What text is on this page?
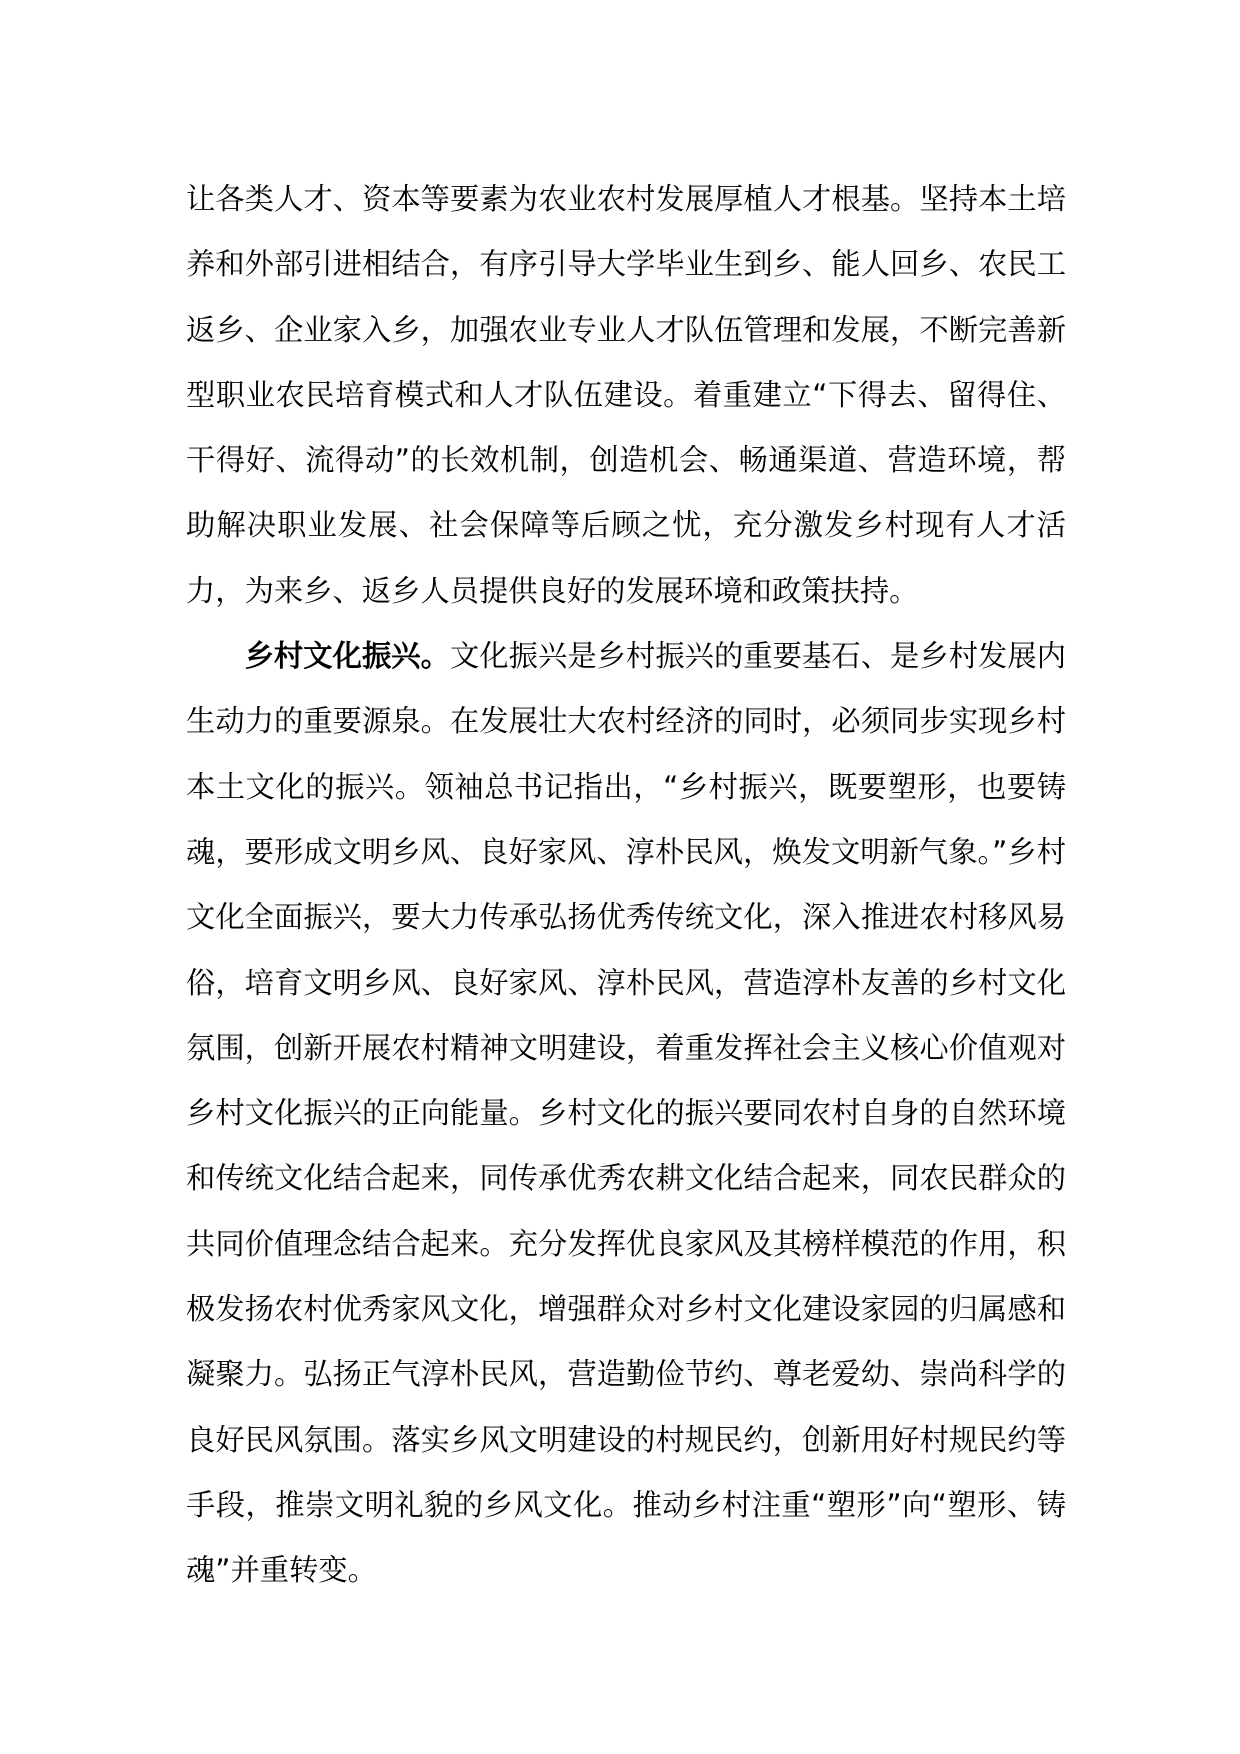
让各类人才、资本等要素为农业农村发展厚植人才根基。坚持本土培养和外部引进相结合，有序引导大学毕业生到乡、能人回乡、农民工返乡、企业家入乡，加强农业专业人才队伍管理和发展，不断完善新型职业农民培育模式和人才队伍建设。着重建立“下得去、留得住、干得好、流得动”的长效机制，创造机会、畅通渠道、营造环境，帮助解决职业发展、社会保障等后顾之忧，充分激发乡村现有人才活力，为来乡、返乡人员提供良好的发展环境和政策扶持。

乡村文化振兴。文化振兴是乡村振兴的重要基石、是乡村发展内生动力的重要源泉。在发展壮大农村经济的同时，必须同步实现乡村本土文化的振兴。领袖总书记指出，“乡村振兴，既要塑形，也要铸魂，要形成文明乡风、良好家风、淳朴民风，焕发文明新气象。”乡村文化全面振兴，要大力传承弘扬优秀传统文化，深入推进农村移风易俗，培育文明乡风、良好家风、淳朴民风，营造淳朴友善的乡村文化氛围，创新开展农村精神文明建设，着重发挥社会主义核心价值观对乡村文化振兴的正向能量。乡村文化的振兴要同农村自身的自然环境和传统文化结合起来，同传承优秀农耕文化结合起来，同农民群众的共同价值理念结合起来。充分发挥优良家风及其榜样模范的作用，积极发扬农村优秀家风文化，增强群众对乡村文化建设家园的归属感和凝聚力。弘扬正气淳朴民风，营造勤俭节约、尊老爱幼、崇尚科学的良好民风氛围。落实乡风文明建设的村规民约，创新用好村规民约等手段，推崇文明礼貌的乡风文化。推动乡村注重“塑形”向“塑形、铸魂”并重转变。
